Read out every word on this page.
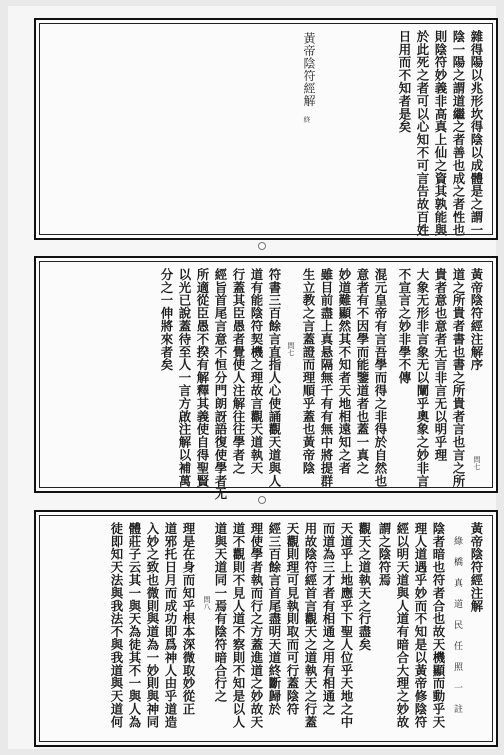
雜得陽以兆形坎得陰以成體是之謂一
陰一陽之謂道繼之者善也成之者性也
則陰符妙義非高真上仙之資其孰能與
於此死之者可以心知不可言告故百姓
日用而不知者是矣
黃帝陰符經解
終
黃帝陰符經注解序
道之所貴者書也書之所貴者言也言之所
貴者意也意者无言非言无以明乎理
大象无形非言象无以闡乎奧象之妙非言
不宣言之妙非學不傳
混元皇帝有言吾學而得之非得於自然也
意者有不因學而能鑒道者也蓋一真之
妙道難顯然其不知者天地相遠知之者
雖目前盡上真悬隔無千有有無中將提群
生立教之言蓋證而理順乎蓋也黃帝陰
符書三百餘言直指人心使誦觀天道與人
道有能陰符契機之理故言觀天道執天
行蓋其臣愚者覺使人注解往往學者之
經旨首尾言意不恒分門朗訝語復使學者无
所適從臣愚不揆有解釋其義使自得聖賢
以光已說蓋待至人一言方啟注解以補萬
分之一伸將來者矣
問七
問七
黃帝陰符經注解
綠 橋 真 道 民 任 照 一 註
陰者暗也符者合也故天機顯而動乎天
理人道遇乎妙而不知是以黃帝修陰符
經以明天道與人道有暗合大理之妙故
謂之陰符焉
觀天之道執天之行盡矣
天道乎上地應乎下聖人位乎天地之中
而道為三才者有相通之用有相通之
用故陰符經首言觀天之道執天之行蓋
天觀則理可見執則取而可行蓋陰符
經三百餘言首尾盡明天道終斷歸於
理使學者執而行之方蓋進道之妙故天
道不觀則不見人道不察則不知是以人
道與天道同一焉有陰符暗合行之
理是在身而知乎根本深微取妙從正
道邪托日月而成功即爲神人由乎道造
入妙之致也微則與道為一妙則與神同
體莊子云其一與天為徒其不一與人為
徒即知天法與我法不與我道與天道何	問八
